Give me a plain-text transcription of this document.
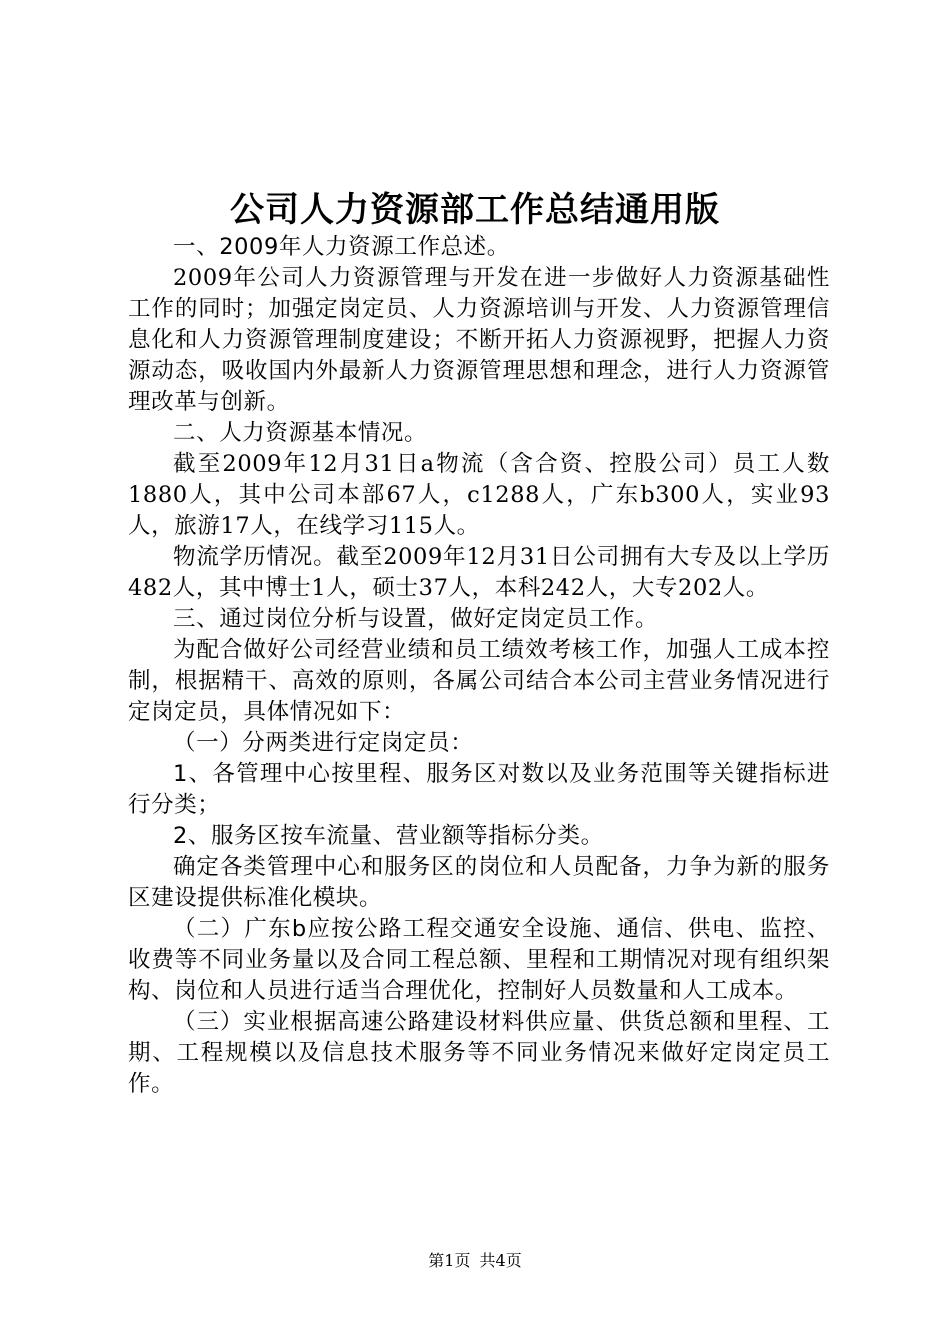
公司人力资源部工作总结通用版

一、2009年人力资源工作总述。

2009年公司人力资源管理与开发在进一步做好人力资源基础性工作的同时；加强定岗定员、人力资源培训与开发、人力资源管理信息化和人力资源管理制度建设；不断开拓人力资源视野，把握人力资源动态，吸收国内外最新人力资源管理思想和理念，进行人力资源管理改革与创新。

二、人力资源基本情况。

截至2009年12月31日a物流（含合资、控股公司）员工人数1880人，其中公司本部67人，c1288人，广东b300人，实业93人，旅游17人，在线学习115人。

物流学历情况。截至2009年12月31日公司拥有大专及以上学历482人，其中博士1人，硕士37人，本科242人，大专202人。

三、通过岗位分析与设置，做好定岗定员工作。

为配合做好公司经营业绩和员工绩效考核工作，加强人工成本控制，根据精干、高效的原则，各属公司结合本公司主营业务情况进行定岗定员，具体情况如下：

（一）分两类进行定岗定员：

1、各管理中心按里程、服务区对数以及业务范围等关键指标进行分类；

2、服务区按车流量、营业额等指标分类。

确定各类管理中心和服务区的岗位和人员配备，力争为新的服务区建设提供标准化模块。

（二）广东b应按公路工程交通安全设施、通信、供电、监控、收费等不同业务量以及合同工程总额、里程和工期情况对现有组织架构、岗位和人员进行适当合理优化，控制好人员数量和人工成本。

（三）实业根据高速公路建设材料供应量、供货总额和里程、工期、工程规模以及信息技术服务等不同业务情况来做好定岗定员工作。

第1页 共4页
